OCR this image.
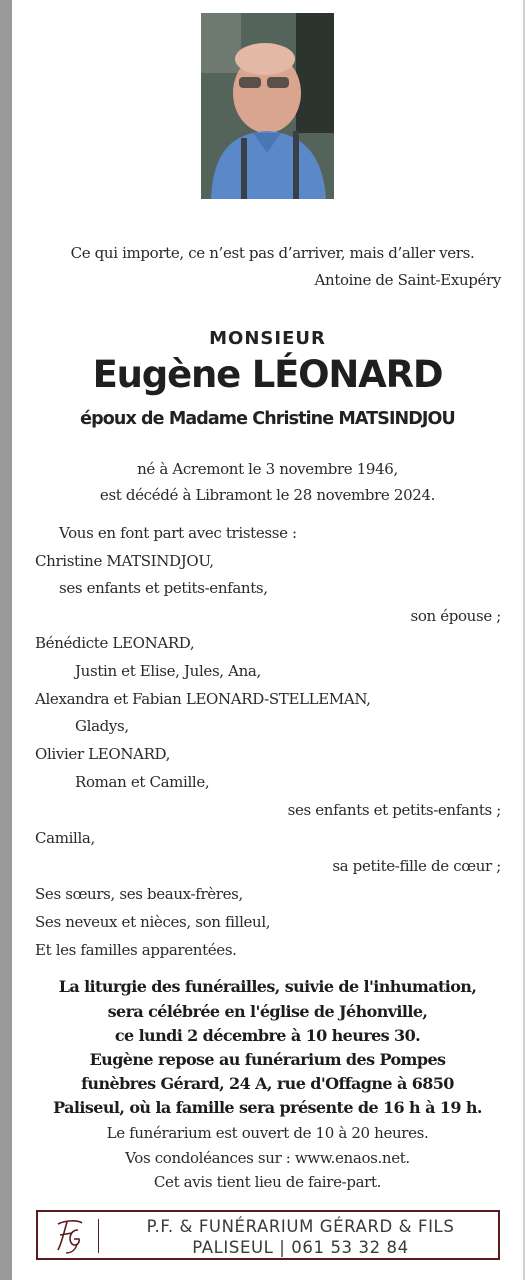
Ce qui importe, ce n’est pas d’arriver, mais d’aller vers.
Antoine de Saint-Exupéry
MONSIEUR
Eugène LÉONARD
époux de Madame Christine MATSINDJOU
né à Acremont le 3 novembre 1946,
est décédé à Libramont le 28 novembre 2024.
Vous en font part avec tristesse :
Christine MATSINDJOU,
ses enfants et petits-enfants,
son épouse ;
Bénédicte LEONARD,
Justin et Elise, Jules, Ana,
Alexandra et Fabian LEONARD-STELLEMAN,
Gladys,
Olivier LEONARD,
Roman et Camille,
ses enfants et petits-enfants ;
Camilla,
sa petite-fille de cœur ;
Ses sœurs, ses beaux-frères,
Ses neveux et nièces, son filleul,
Et les familles apparentées.
La liturgie des funérailles, suivie de l'inhumation,
sera célébrée en l'église de Jéhonville,
ce lundi 2 décembre à 10 heures 30.
Eugène repose au funérarium des Pompes
funèbres Gérard, 24 A, rue d'Offagne à 6850
Paliseul, où la famille sera présente de 16 h à 19 h.
Le funérarium est ouvert de 10 à 20 heures.
Vos condoléances sur : www.enaos.net.
Cet avis tient lieu de faire-part.
P.F. & FUNÉRARIUM GÉRARD & FILS
PALISEUL | 061 53 32 84
